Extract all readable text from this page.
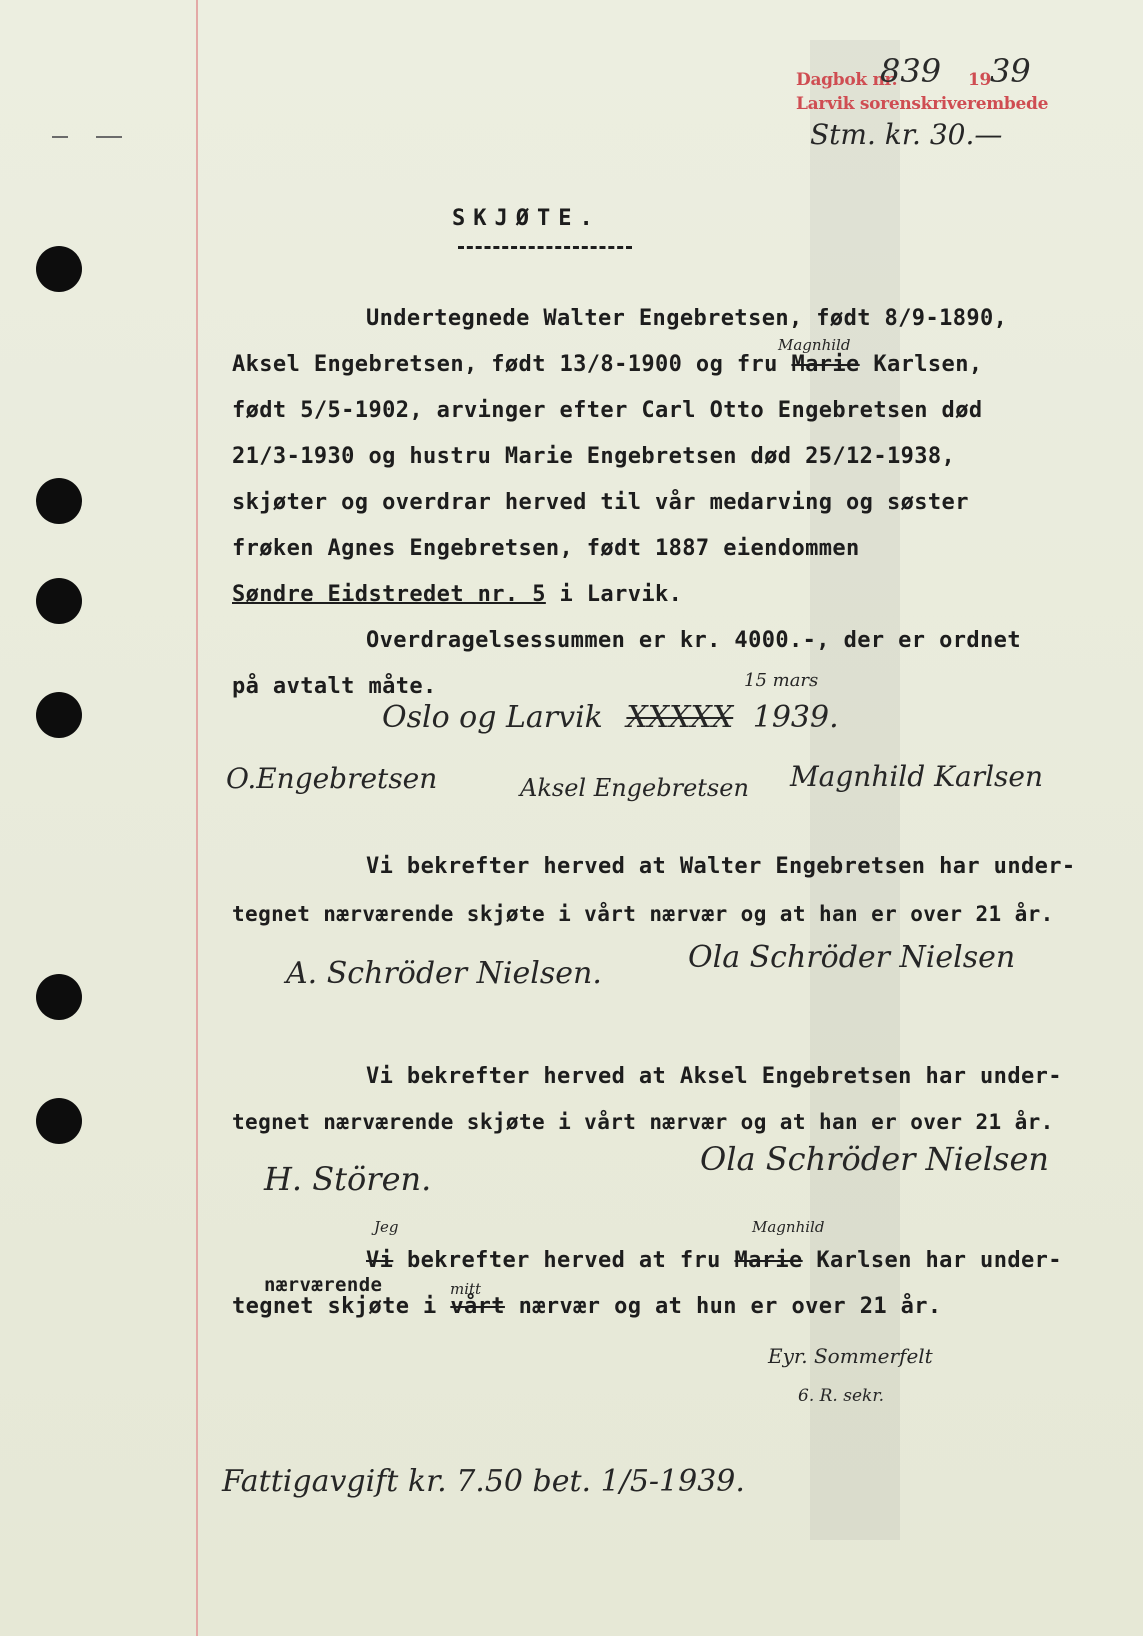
Dagbok nr.
839 19
39
Larvik sorenskriverembede
Stm. kr. 30.—
SKJØTE.
Undertegnede Walter Engebretsen, født 8/9-1890,
Magnhild
Aksel Engebretsen, født 13/8-1900 og fru Marie Karlsen,
født 5/5-1902, arvinger efter Carl Otto Engebretsen død
21/3-1930 og hustru Marie Engebretsen død 25/12-1938,
skjøter og overdrar herved til vår medarving og søster
frøken Agnes Engebretsen, født 1887 eiendommen
Søndre Eidstredet nr. 5 i Larvik.
Overdragelsessummen er kr. 4000.-, der er ordnet
på avtalt måte.	15 mars
Oslo og Larvik XXXXX 1939.
O.Engebretsen	Aksel Engebretsen Magnhild Karlsen
Vi bekrefter herved at Walter Engebretsen har under-
tegnet nærværende skjøte i vårt nærvær og at han er over 21 år.
A. Schröder Nielsen.	Ola Schröder Nielsen
Vi bekrefter herved at Aksel Engebretsen har under-
tegnet nærværende skjøte i vårt nærvær og at han er over 21 år.
H. Stören.
Ola Schröder Nielsen
Jeg	Magnhild
Vi bekrefter herved at fru Marie Karlsen har under-
nærværende	mitt
tegnet skjøte i vårt nærvær og at hun er over 21 år.
Eyr. Sommerfelt
6. R. sekr.
Fattigavgift kr. 7.50 bet. 1/5-1939.
